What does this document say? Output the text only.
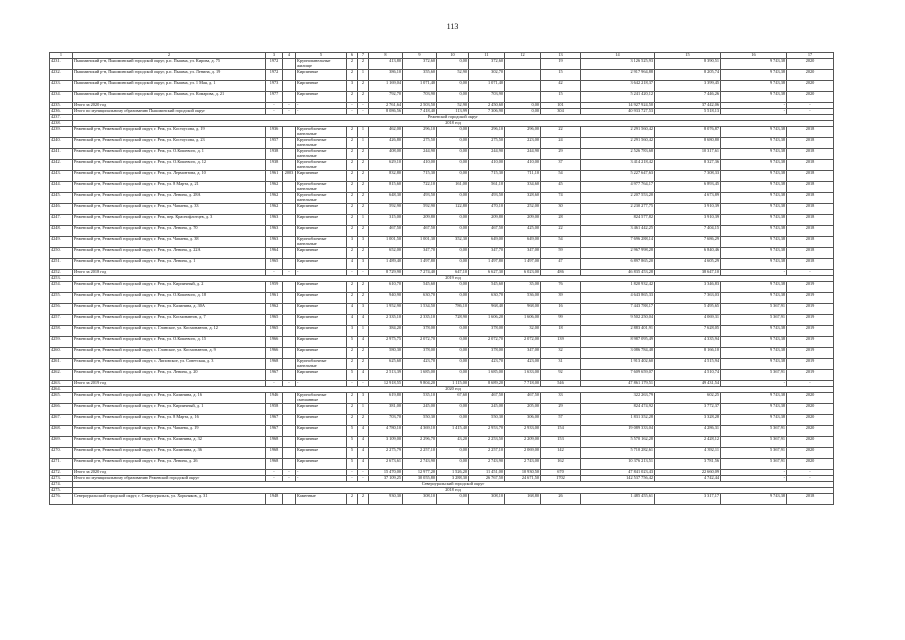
113
1	2	3	4	5	6	7	8	9	10	11	12	13	14	15	16	17
4231.	Пышминский р-н, Пышминский городской округ, р.п. Пышма, ул. Кирова, д. 75	1972		Крупнопанельные жилище	2	2	413,80	372,60	0,00	372,60		19	3 126 525,93	8 390,51	9 743,38	2020
4232.	Пышминский р-н, Пышминский городской округ, р.п. Пышма, ул. Ленина, д. 19	1972		Кирпичные	2	1	386,10	355,60	52,90	302,70		15	2 917 964,88	8 205,74	9 743,38	2020
4233.	Пышминский р-н, Пышминский городской округ, р.п. Пышма, ул. 1 Мая, д. 1	1973		Кирпичные	3	2	1 169,04	1 071,40	0,00	1 071,40		42	3 642 218,37	3 399,45	9 743,38	2020
4234.	Пышминский р-н, Пышминский городской округ, р.п. Пышма, ул. Комарова, д. 21	1977		Кирпичные	2	2	792,70	703,90	0,00	703,90		15	5 241 420,12	7 446,26	9 743,38	2020
4235.	Итого за 2020 год	-	-	-	-	-	2 761,64	2 503,50	52,90	2 450,60	0,00	101	14 927 924,50	37 442,06	-	-
4236.	Итого по муниципальному образованию Пышминский городской округ	-	-	-	-	-	8 086,56	7 418,40	113,99	7 306,90	0,00	304	40 933 727,53	5 518,13	-	-
4237.	Режевской городской округ															
4238.	2018 год															
4239.	Режевской р-н, Режевской городской округ, г. Реж, ул. Костоусова, д. 19	1936		Крупноблочные панельные	2	1	462,00	296,10	0,00	296,10	296,00	22	2 291 560,42	8 076,87	9 743,38	2018
4240.	Режевской р-н, Режевской городской округ, г. Реж, ул. Костоусова, д. 23	1957		Крупноблочные панельные	2	1	426,80	275,50	0,00	275,50	223,00	24	2 291 560,42	8 680,80	9 743,38	2018
4241.	Режевской р-н, Режевской городской округ, г. Реж, ул. О.Кошевого, д. 1	1938		Крупноблочные панельные	2	2	408,00	244,90	0,00	244,90	244,90	29	2 526 783,68	10 317,61	9 743,38	2018
4242.	Режевской р-н, Режевской городской округ, г. Реж, ул. О.Кошевого, д. 12	1938		Крупноблочные панельные	2	2	629,10	410,00	0,00	410,00	410,00	37	3 414 218,42	8 327,36	9 743,38	2018
4243.	Режевской р-н, Режевской городской округ, г. Реж, ул. Лермонтова, д. 10	1961	2003	Кирпичные	2	2	832,80	715,30	0,00	715,30	711,10	54	5 227 647,63	7 308,33	9 743,38	2018
4244.	Режевской р-н, Режевской городской округ, г. Реж, ул. 8 Марта, д. 21	1962		Крупноблочные панельные	2	2	815,60	722,10	161,00	561,10	334,60	45	4 977 764,17	6 893,45	9 743,38	2018
4245.	Режевской р-н, Режевской городской округ, г. Реж, ул. Ленина, д. 28А	1962		Крупноблочные панельные	2	2	648,30	493,50	0,00	493,50	328,60	74	2 207 553,20	4 673,89	9 743,38	2018
4246.	Режевской р-н, Режевской городской округ, г. Реж, ул. Чапаева, д. 33	1962		Кирпичные	2	2	592,90	592,90	122,80	470,10	252,00	30	2 230 277,75	3 910,39	9 743,38	2018
4247.	Режевской р-н, Режевской городской округ, г. Реж, пер. Краснофлотцев, д. 3	1963		Кирпичные	2	1	315,00	209,80	0,00	209,80	209,00	28	824 577,82	3 910,39	9 743,38	2018
4248.	Режевской р-н, Режевской городской округ, г. Реж, ул. Ленина, д. 70	1963		Кирпичные	2	2	467,50	467,50	0,00	467,50	425,00	22	3 461 442,25	7 404,15	9 743,38	2018
4249.	Режевской р-н, Режевской городской округ, г. Реж, ул. Чапаева, д. 38	1963		Крупноблочные панельные	3	3	1 001,50	1 001,30	352,30	649,00	649,00	54	7 696 288,14	7 686,29	9 743,38	2018
4250.	Режевской р-н, Режевской городской округ, г. Реж, ул. Ленина, д. 22А	1964		Кирпичные	2	2	652,00	347,70	0,00	347,70	347,00	59	2 967 998,28	6 840,46	9 743,38	2018
4251.	Режевской р-н, Режевской городской округ, г. Реж, ул. Ленина, д. 1	1965		Кирпичные	4	3	1 489,40	1 497,80	0,00	1 497,80	1 497,00	47	6 897 865,20	4 605,29	9 743,38	2018
4252.	Итого за 2018 год	-	-	-	-	-	8 729,90	7 274,40	647,10	6 627,30	6 023,00	486	46 835 453,28	38 647,10	-	-
4253.	2019 год															
4254.	Режевской р-н, Режевской городской округ, г. Реж, ул. Кирпичный, д. 2	1959		Кирпичные	2	2	610,70	545,60	0,00	545,60	35,00	76	1 820 932,42	3 346,83	9 743,38	2019
4255.	Режевской р-н, Режевской городской округ, г. Реж, ул. О.Кошевого, д. 18	1961		Кирпичные	2	2	940,90	630,70	0,00	630,70	536,00	39	4 643 865,33	7 363,03	9 743,38	2019
4256.	Режевской р-н, Режевской городской округ, г. Реж, ул. Калинина, д. 30А	1962		Кирпичные	4	3	1 952,90	1 534,50	786,10	968,40	968,00	16	7 443 788,17	5 495,65	5 367,91	2019
4257.	Режевской р-н, Режевской городской округ, г. Реж, ул. Космонавтов, д. 7	1965		Кирпичные	4	4	2 335,10	2 335,10	728,90	1 606,20	1 606,00	99	9 502 250,04	4 069,31	5 367,91	2019
4258.	Режевской р-н, Режевской городской округ, с. Глинское, ул. Космонавтов, д. 12	1965		Кирпичные	3	1	384,20	378,00	0,00	378,00	32,00	18	2 883 401,91	7 628,05	9 743,38	2019
4259.	Режевской р-н, Режевской городской округ, г. Реж, ул. О.Кошевого, д. 15	1966		Кирпичные	5	4	2 975,75	2 072,70	0,00	2 072,70	2 072,00	139	8 987 095,49	4 335,94	9 743,38	2019
4260.	Режевской р-н, Режевской городской округ, с. Глинское, ул. Космонавтов, д. 9	1966		Кирпичные	2	2	580,30	378,00	0,00	378,00	347,00	32	3 086 784,48	8 166,10	9 743,38	2019
4261.	Режевской р-н, Режевской городской округ, с. Липовское, ул. Советская, д. 3	1968		Крупноблочные панельные	2	2	625,60	423,70	0,00	423,70	423,00	31	1 913 402,60	4 515,94	9 743,38	2019
4262.	Режевской р-н, Режевской городской округ, г. Реж, ул. Ленина, д. 20	1967		Кирпичные	5	4	2 513,39	1 685,00	0,00	1 685,00	1 633,00	92	7 609 659,07	4 510,74	5 367,91	2019
4263.	Итого за 2019 год	-	-	-	-	-	12 918,55	9 804,20	1 115,00	8 689,20	7 718,00	546	47 861 179,51	49 431,54	-	-
4264.	2020 год															
4265.	Режевской р-н, Режевской городской округ, г. Реж, ул. Калинина, д. 16	1946		Крупноблочные смешанные	2	3	619,80	535,10	67,60	467,50	467,50	33	322 263,79	602,25	9 743,38	2020
4266.	Режевской р-н, Режевской городской округ, г. Реж, ул. Кирпичный, д. 1	1958		Кирпичные	2	1	381,00	245,00	0,00	245,00	205,00	29	824 474,92	3 772,37	9 743,38	2020
4267.	Режевской р-н, Режевской городской округ, г. Реж, ул. 8 Марта, д. 16	1967		Кирпичные	2	2	703,70	550,30	0,00	550,30	306,00	57	1 831 352,28	3 328,28	9 743,38	2020
4268.	Режевской р-н, Режевской городской округ, г. Реж, ул. Чапаева, д. 19	1967		Кирпичные	5	4	4 780,10	4 369,10	1 415,40	2 953,70	2 933,00	154	19 089 333,04	4 286,31	5 367,91	2020
4269.	Режевской р-н, Режевской городской округ, г. Реж, ул. Калинина, д. 32	1968		Кирпичные	5	4	3 109,00	2 296,70	43,20	2 253,50	2 209,00	153	5 570 162,28	2 428,12	5 367,91	2020
4270.	Режевской р-н, Режевской городской округ, г. Реж, ул. Калинина, д. 36	1968		Кирпичные	5	4	2 275,79	2 257,10	0,00	2 257,10	2 069,00	142	5 710 282,61	4 392,11	5 367,91	2020
4271.	Режевской р-н, Режевской городской округ, г. Реж, ул. Ленина, д. 26	1968		Кирпичные	5	4	2 673,61	2 743,90	0,00	2 743,90	2 743,00	162	10 376 213,51	3 781,56	5 367,91	2020
4272.	Итого за 2020 год	-	-	-	-	-	15 470,00	12 977,20	1 526,20	11 451,00	10 930,50	670	47 841 023,43	22 660,09	-	-
4273.	Итого по муниципальному образованию Режевской городской округ	-	-	-	-	-	37 109,25	30 055,80	3 288,30	26 767,50	24 671,50	1702	142 537 756,42	4 742,44	-	-
4274.	Североуральский городской округ															
4275.	2018 год															
4276.	Североуральский городской округ, г. Североуральск, ул. Хорьняков, д. 31	1948		Каменные	2	2	930,30	308,10	0,00	308,10	168,80	26	1 485 455,61	3 317,17	9 743,38	2018
